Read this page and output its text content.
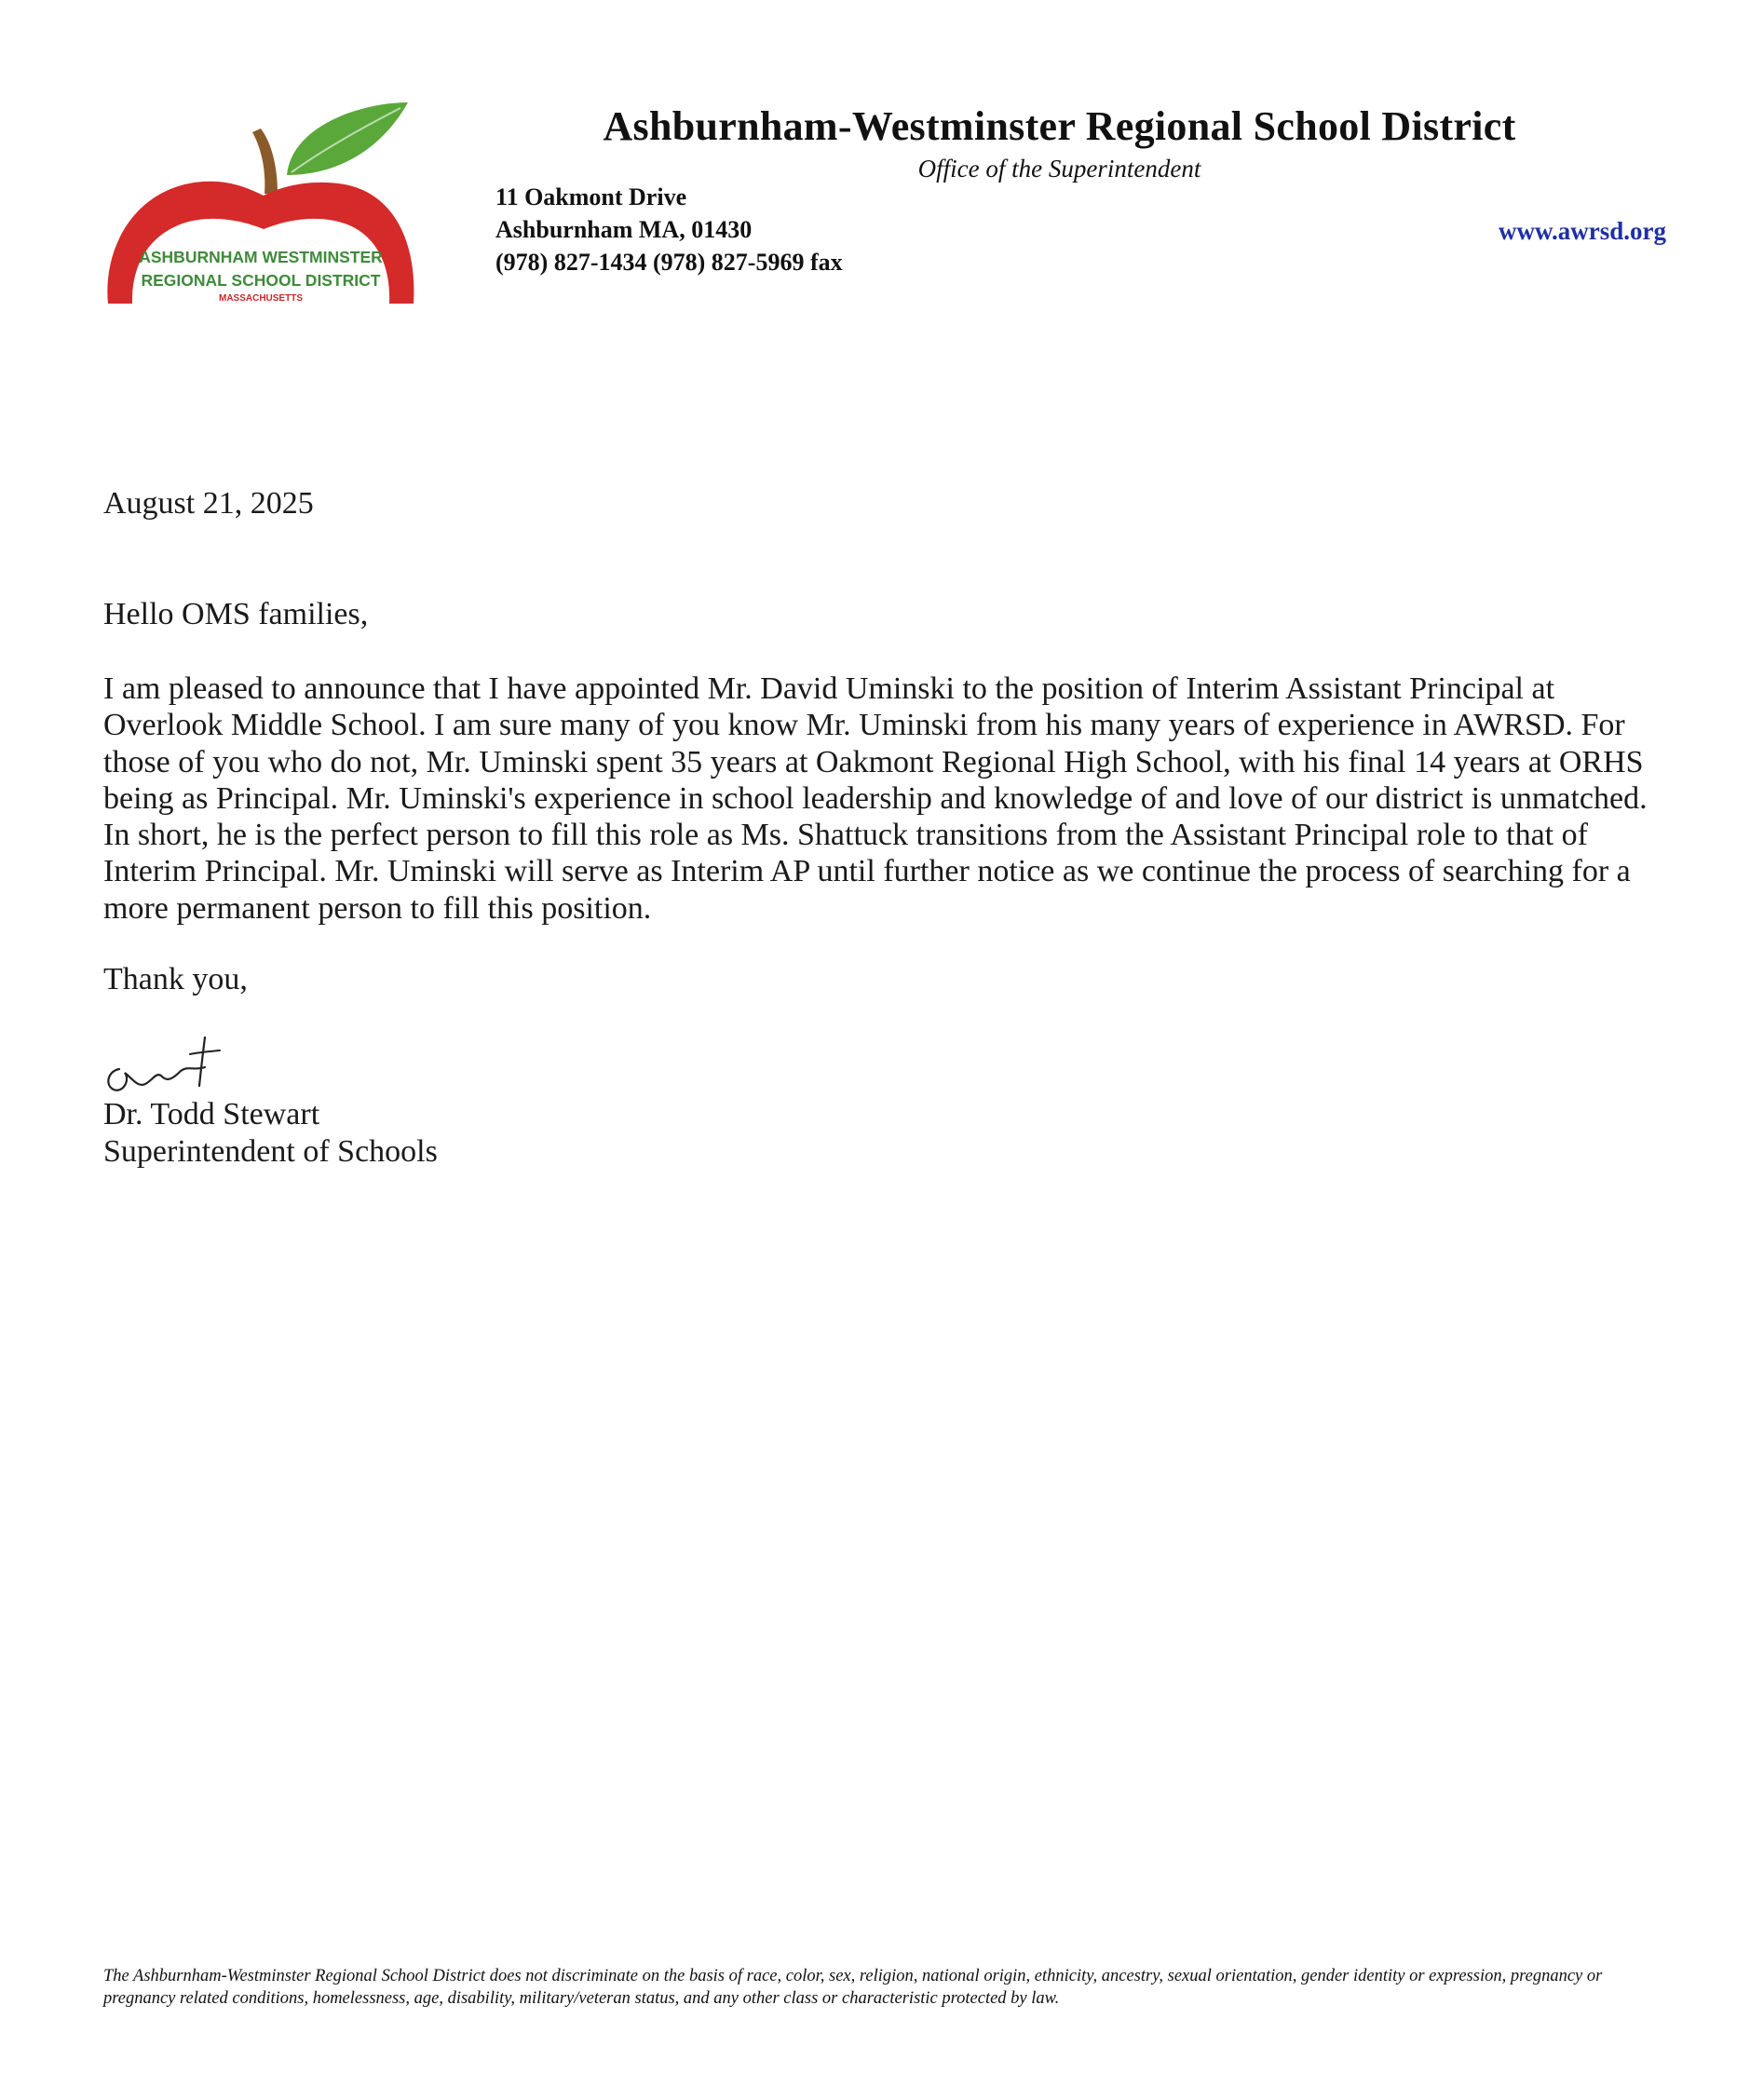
ASHBURNHAM WESTMINSTER
REGIONAL SCHOOL DISTRICT
MASSACHUSETTS
Ashburnham-Westminster Regional School District
Office of the Superintendent
11 Oakmont Drive
Ashburnham MA, 01430
(978) 827-1434 (978) 827-5969 fax
www.awrsd.org
August 21, 2025
Hello OMS families,

I am pleased to announce that I have appointed Mr. David Uminski to the position of Interim Assistant Principal at Overlook Middle School. I am sure many of you know Mr. Uminski from his many years of experience in AWRSD. For those of you who do not, Mr. Uminski spent 35 years at Oakmont Regional High School, with his final 14 years at ORHS being as Principal. Mr. Uminski's experience in school leadership and knowledge of and love of our district is unmatched. In short, he is the perfect person to fill this role as Ms. Shattuck transitions from the Assistant Principal role to that of Interim Principal. Mr. Uminski will serve as Interim AP until further notice as we continue the process of searching for a more permanent person to fill this position.

Thank you,
Dr. Todd Stewart
Superintendent of Schools

The Ashburnham-Westminster Regional School District does not discriminate on the basis of race, color, sex, religion, national origin, ethnicity, ancestry, sexual orientation, gender identity or expression, pregnancy or pregnancy related conditions, homelessness, age, disability, military/veteran status, and any other class or characteristic protected by law.
